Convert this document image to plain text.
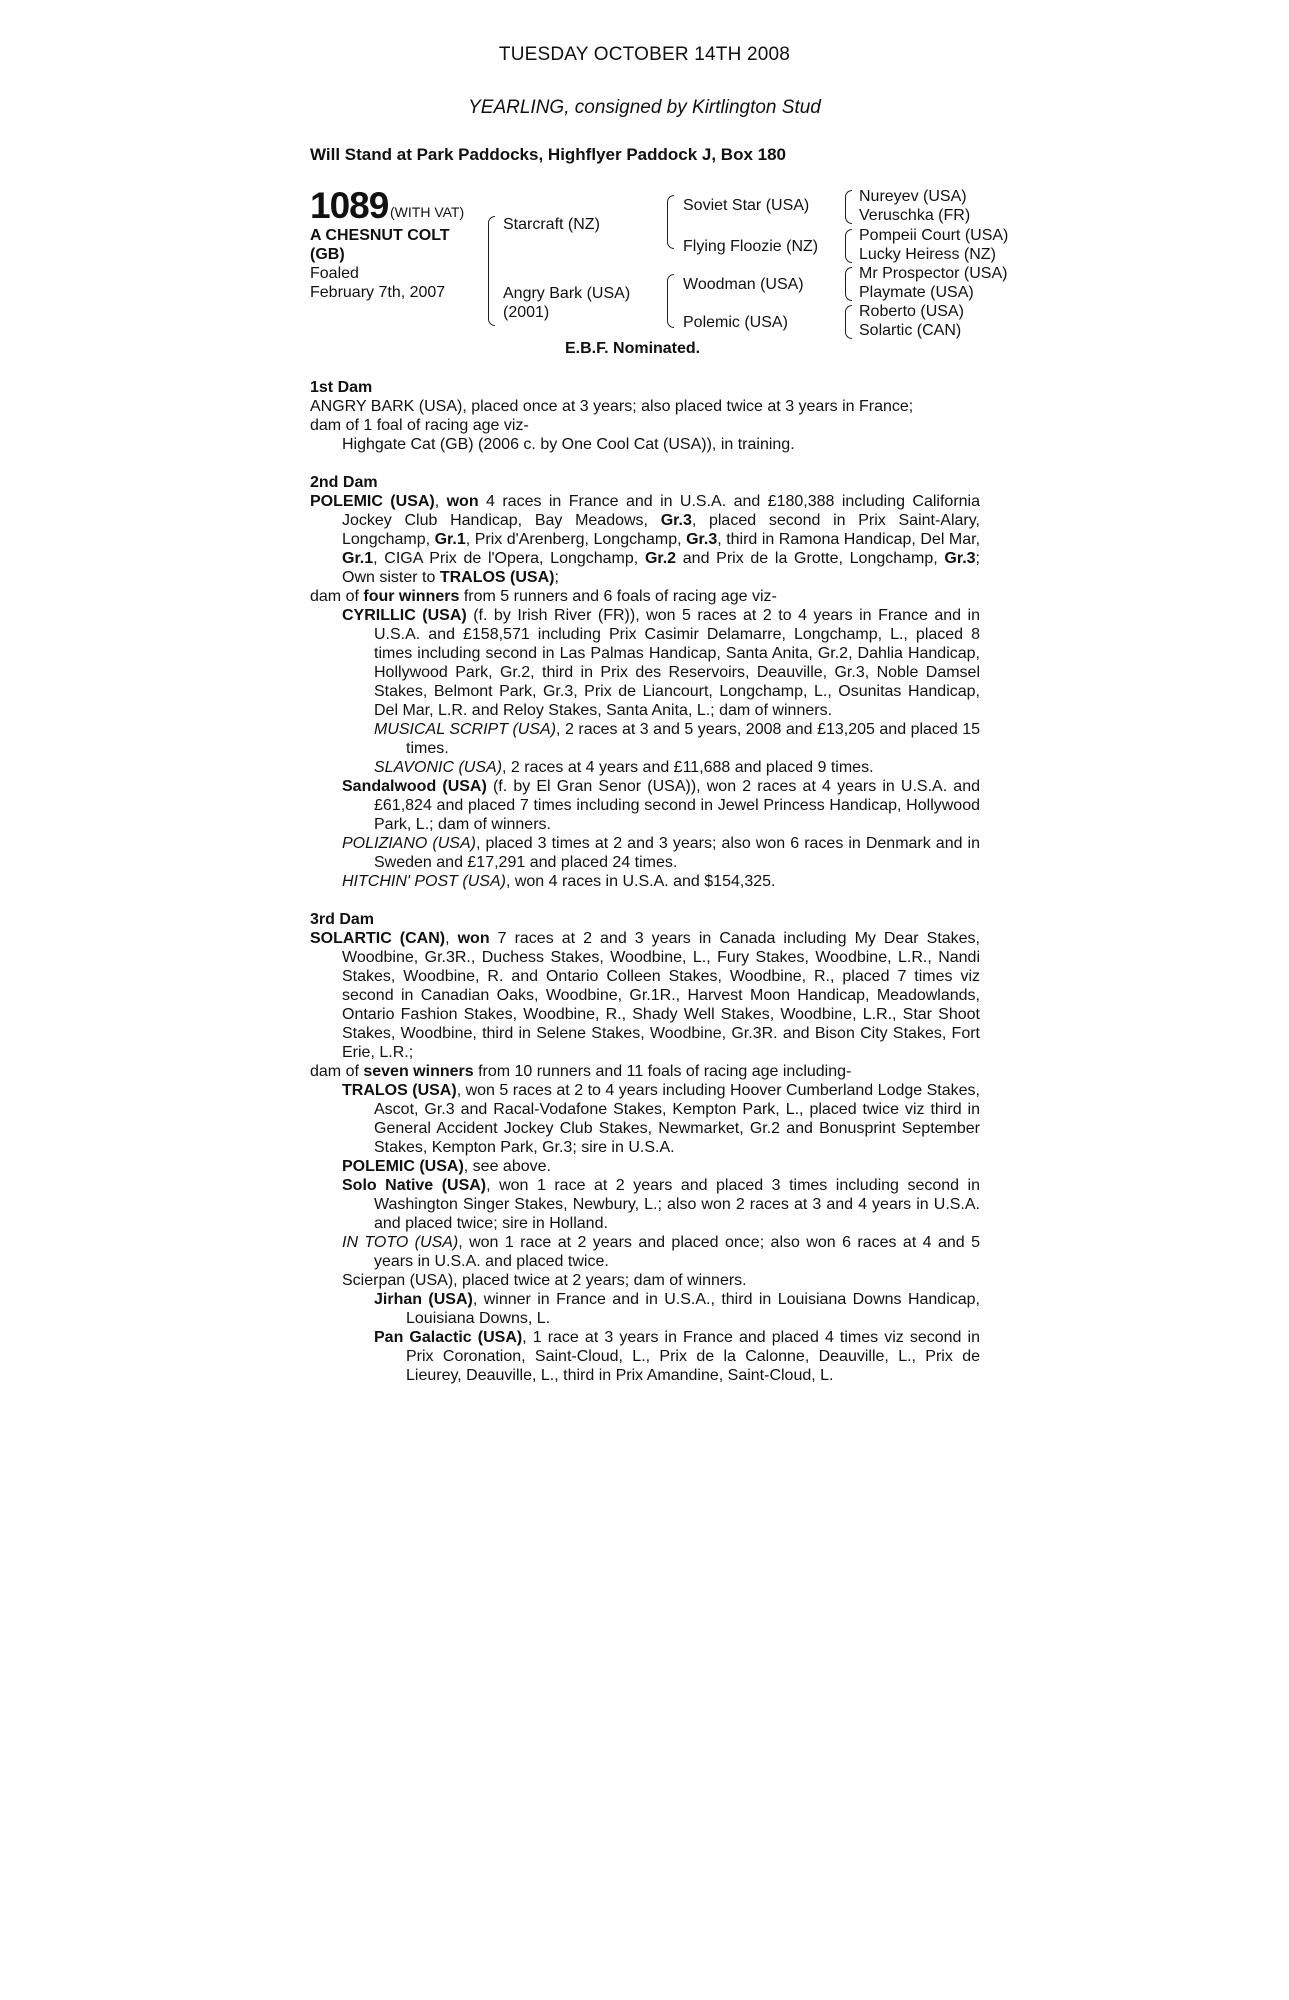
TUESDAY OCTOBER 14TH 2008
YEARLING, consigned by Kirtlington Stud
Will Stand at Park Paddocks, Highflyer Paddock J, Box 180
1089 (WITH VAT)
A CHESNUT COLT
(GB)
Foaled
February 7th, 2007
Starcraft (NZ)
Angry Bark (USA)
(2001)
Soviet Star (USA)
Flying Floozie (NZ)
Woodman (USA)
Polemic (USA)
Nureyev (USA)
Veruschka (FR)
Pompeii Court (USA)
Lucky Heiress (NZ)
Mr Prospector (USA)
Playmate (USA)
Roberto (USA)
Solartic (CAN)
E.B.F. Nominated.

1st Dam

ANGRY BARK (USA), placed once at 3 years; also placed twice at 3 years in France;

dam of 1 foal of racing age viz-

Highgate Cat (GB) (2006 c. by One Cool Cat (USA)), in training.

2nd Dam

POLEMIC (USA), won 4 races in France and in U.S.A. and £180,388 including California Jockey Club Handicap, Bay Meadows, Gr.3, placed second in Prix Saint-Alary, Longchamp, Gr.1, Prix d'Arenberg, Longchamp, Gr.3, third in Ramona Handicap, Del Mar, Gr.1, CIGA Prix de l'Opera, Longchamp, Gr.2 and Prix de la Grotte, Longchamp, Gr.3; Own sister to TRALOS (USA);

dam of four winners from 5 runners and 6 foals of racing age viz-

CYRILLIC (USA) (f. by Irish River (FR)), won 5 races at 2 to 4 years in France and in U.S.A. and £158,571 including Prix Casimir Delamarre, Longchamp, L., placed 8 times including second in Las Palmas Handicap, Santa Anita, Gr.2, Dahlia Handicap, Hollywood Park, Gr.2, third in Prix des Reservoirs, Deauville, Gr.3, Noble Damsel Stakes, Belmont Park, Gr.3, Prix de Liancourt, Longchamp, L., Osunitas Handicap, Del Mar, L.R. and Reloy Stakes, Santa Anita, L.; dam of winners.

MUSICAL SCRIPT (USA), 2 races at 3 and 5 years, 2008 and £13,205 and placed 15 times.

SLAVONIC (USA), 2 races at 4 years and £11,688 and placed 9 times.

Sandalwood (USA) (f. by El Gran Senor (USA)), won 2 races at 4 years in U.S.A. and £61,824 and placed 7 times including second in Jewel Princess Handicap, Hollywood Park, L.; dam of winners.

POLIZIANO (USA), placed 3 times at 2 and 3 years; also won 6 races in Denmark and in Sweden and £17,291 and placed 24 times.

HITCHIN' POST (USA), won 4 races in U.S.A. and $154,325.

3rd Dam

SOLARTIC (CAN), won 7 races at 2 and 3 years in Canada including My Dear Stakes, Woodbine, Gr.3R., Duchess Stakes, Woodbine, L., Fury Stakes, Woodbine, L.R., Nandi Stakes, Woodbine, R. and Ontario Colleen Stakes, Woodbine, R., placed 7 times viz second in Canadian Oaks, Woodbine, Gr.1R., Harvest Moon Handicap, Meadowlands, Ontario Fashion Stakes, Woodbine, R., Shady Well Stakes, Woodbine, L.R., Star Shoot Stakes, Woodbine, third in Selene Stakes, Woodbine, Gr.3R. and Bison City Stakes, Fort Erie, L.R.;

dam of seven winners from 10 runners and 11 foals of racing age including-

TRALOS (USA), won 5 races at 2 to 4 years including Hoover Cumberland Lodge Stakes, Ascot, Gr.3 and Racal-Vodafone Stakes, Kempton Park, L., placed twice viz third in General Accident Jockey Club Stakes, Newmarket, Gr.2 and Bonusprint September Stakes, Kempton Park, Gr.3; sire in U.S.A.

POLEMIC (USA), see above.

Solo Native (USA), won 1 race at 2 years and placed 3 times including second in Washington Singer Stakes, Newbury, L.; also won 2 races at 3 and 4 years in U.S.A. and placed twice; sire in Holland.

IN TOTO (USA), won 1 race at 2 years and placed once; also won 6 races at 4 and 5 years in U.S.A. and placed twice.

Scierpan (USA), placed twice at 2 years; dam of winners.

Jirhan (USA), winner in France and in U.S.A., third in Louisiana Downs Handicap, Louisiana Downs, L.

Pan Galactic (USA), 1 race at 3 years in France and placed 4 times viz second in Prix Coronation, Saint-Cloud, L., Prix de la Calonne, Deauville, L., Prix de Lieurey, Deauville, L., third in Prix Amandine, Saint-Cloud, L.
